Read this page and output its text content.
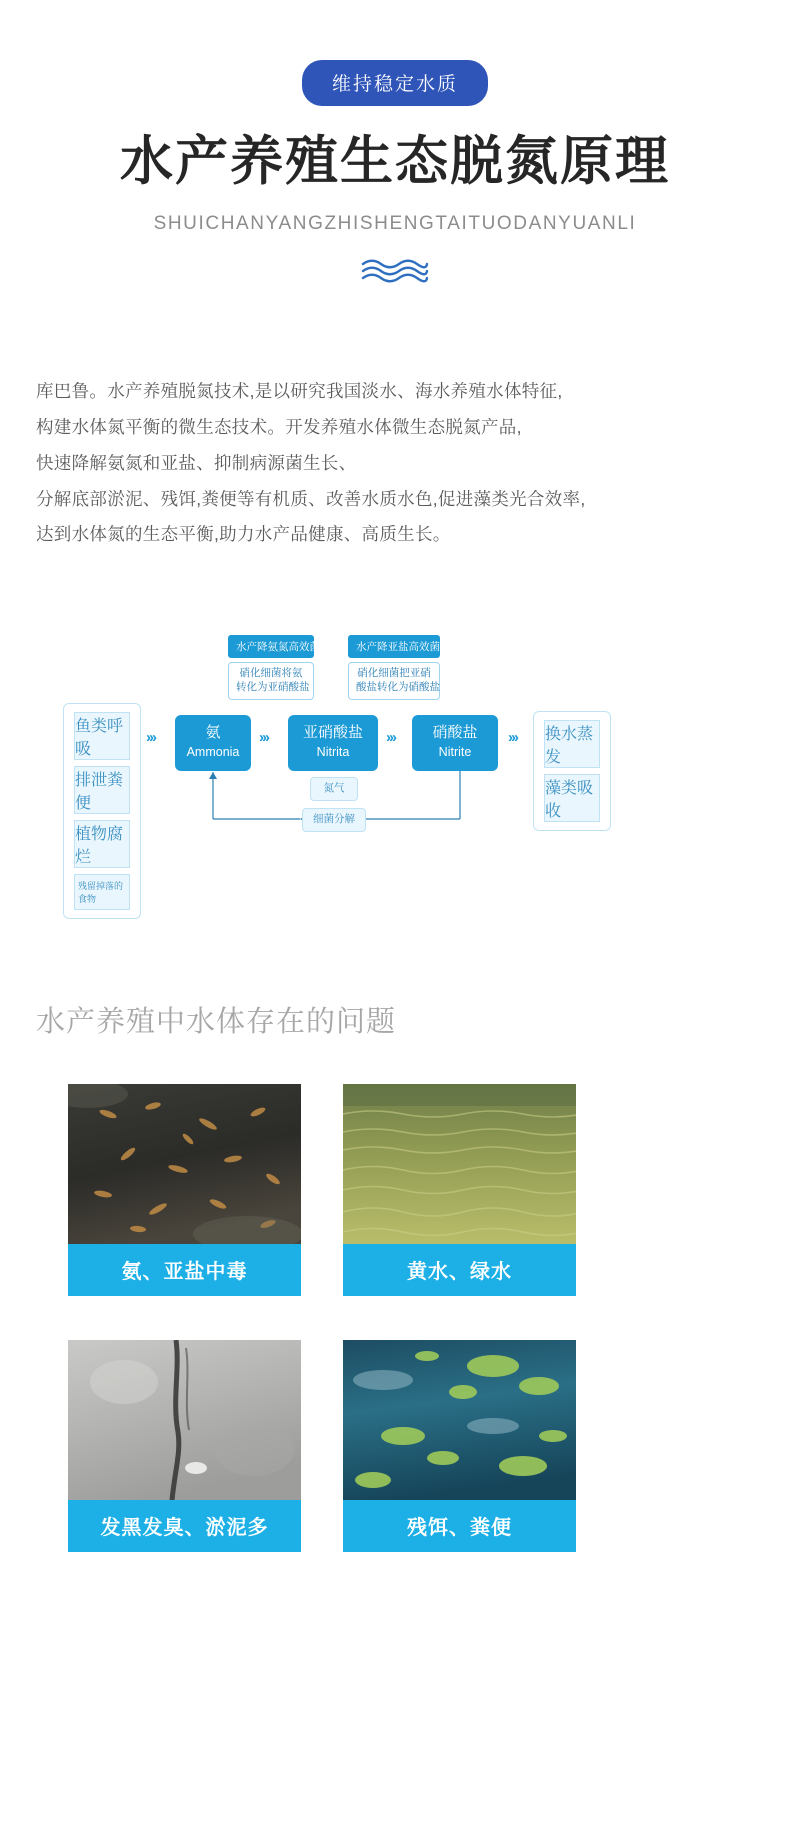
维持稳定水质
水产养殖生态脱氮原理
SHUICHANYANGZHISHENGTAITUODANYUANLI

库巴鲁。水产养殖脱氮技术,是以研究我国淡水、海水养殖水体特征,

构建水体氮平衡的微生态技术。开发养殖水体微生态脱氮产品,

快速降解氨氮和亚盐、抑制病源菌生长、

分解底部淤泥、残饵,粪便等有机质、改善水质水色,促进藻类光合效率,

达到水体氮的生态平衡,助力水产品健康、高质生长。

鱼类呼吸
排泄粪便
植物腐烂
残留掉落的食物
›››	氨
Ammonia
›››	亚硝酸盐
Nitrita
›››	硝酸盐
Nitrite
››› 换水蒸发
藻类吸收
水产降氨氮高效菌
硝化细菌将氨
转化为亚硝酸盐
水产降亚盐高效菌
硝化细菌把亚硝
酸盐转化为硝酸盐
氮气
细菌分解
水产养殖中水体存在的问题
氨、亚盐中毒	黄水、绿水
发黑发臭、淤泥多	残饵、粪便
